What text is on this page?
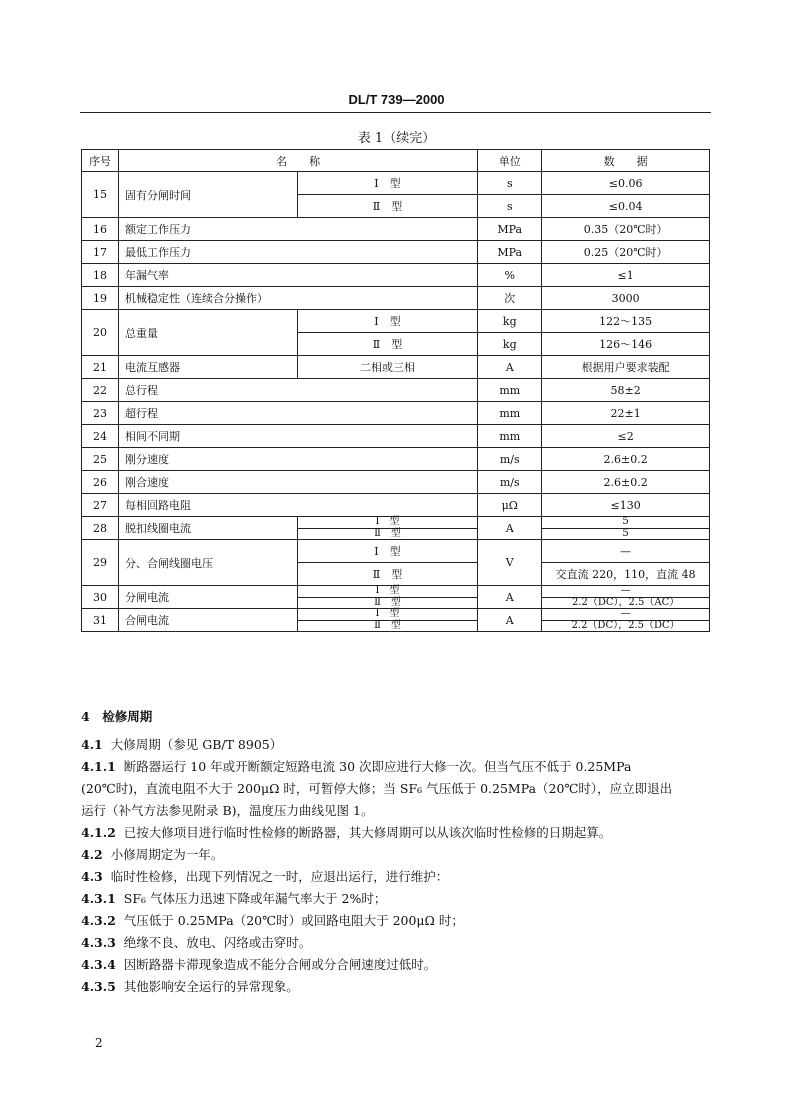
DL/T 739—2000
表 1（续完）
序号	名　　称		单位	数　　据
15	固有分闸时间	Ⅰ　型	s	≤0.06
		Ⅱ　型	s	≤0.04
16	额定工作压力		MPa	0.35（20℃时）
17	最低工作压力		MPa	0.25（20℃时）
18	年漏气率		%	≤1
19	机械稳定性（连续合分操作）		次	3000
20	总重量	Ⅰ　型	kg	122～135
		Ⅱ　型	kg	126～146
21	电流互感器	二相或三相	A	根据用户要求装配
22	总行程		mm	58±2
23	超行程		mm	22±1
24	相间不同期		mm	≤2
25	刚分速度		m/s	2.6±0.2
26	刚合速度		m/s	2.6±0.2
27	每相回路电阻		μΩ	≤130
28	脱扣线圈电流	Ⅰ　型	A	5
		Ⅱ　型		5
29	分、合闸线圈电压	Ⅰ　型	V	—
		Ⅱ　型		交直流 220，110，直流 48
30	分闸电流	Ⅰ　型	A	—
		Ⅱ　型		2.2（DC），2.5（AC）
31	合闸电流	Ⅰ　型	A	—
		Ⅱ　型		2.2（DC），2.5（DC）
4　检修周期

4.1 大修周期（参见 GB/T 8905）

4.1.1 断路器运行 10 年或开断额定短路电流 30 次即应进行大修一次。但当气压不低于 0.25MPa
(20℃时)，直流电阻不大于 200μΩ 时，可暂停大修；当 SF₆ 气压低于 0.25MPa（20℃时），应立即退出
运行（补气方法参见附录 B)，温度压力曲线见图 1。

4.1.2 已按大修项目进行临时性检修的断路器，其大修周期可以从该次临时性检修的日期起算。

4.2 小修周期定为一年。

4.3 临时性检修，出现下列情况之一时，应退出运行，进行维护：

4.3.1 SF₆ 气体压力迅速下降或年漏气率大于 2%时；

4.3.2 气压低于 0.25MPa（20℃时）或回路电阻大于 200μΩ 时；

4.3.3 绝缘不良、放电、闪络或击穿时。

4.3.4 因断路器卡滞现象造成不能分合闸或分合闸速度过低时。

4.3.5 其他影响安全运行的异常现象。

2
